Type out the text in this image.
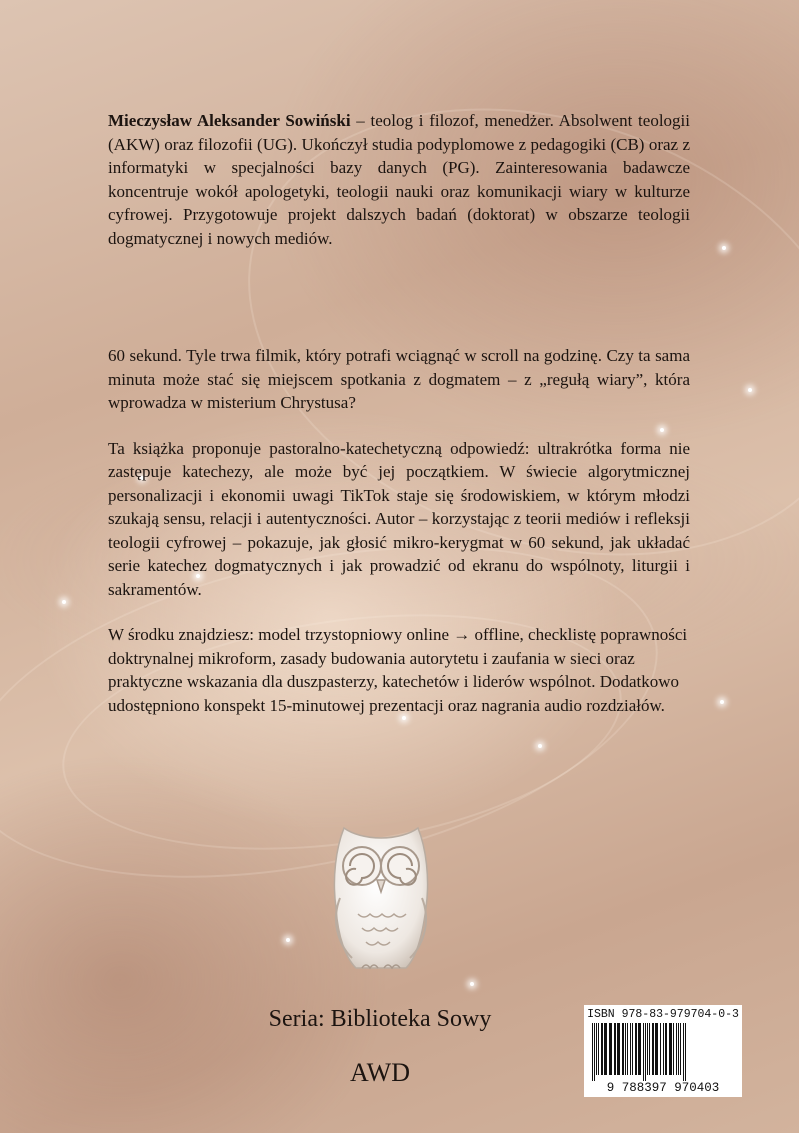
Mieczysław Aleksander Sowiński – teolog i filozof, menedżer. Absolwent teologii (AKW) oraz filozofii (UG). Ukończył studia podyplomowe z pedagogiki (CB) oraz z informatyki w specjalności bazy danych (PG). Zainteresowania badawcze koncentruje wokół apologetyki, teologii nauki oraz komunikacji wiary w kulturze cyfrowej. Przygotowuje projekt dalszych badań (doktorat) w obszarze teologii dogmatycznej i nowych mediów.

60 sekund. Tyle trwa filmik, który potrafi wciągnąć w scroll na godzinę. Czy ta sama minuta może stać się miejscem spotkania z dogmatem – z „regułą wiary”, która wprowadza w misterium Chrystusa?

Ta książka proponuje pastoralno-katechetyczną odpowiedź: ultrakrótka forma nie zastępuje katechezy, ale może być jej początkiem. W świecie algorytmicznej personalizacji i ekonomii uwagi TikTok staje się środowiskiem, w którym młodzi szukają sensu, relacji i autentyczności. Autor – korzystając z teorii mediów i refleksji teologii cyfrowej – pokazuje, jak głosić mikro-kerygmat w 60 sekund, jak układać serie katechez dogmatycznych i jak prowadzić od ekranu do wspólnoty, liturgii i sakramentów.

W środku znajdziesz: model trzystopniowy online → offline, checklistę poprawności doktrynalnej mikroform, zasady budowania autorytetu i zaufania w sieci oraz praktyczne wskazania dla duszpasterzy, katechetów i liderów wspólnot. Dodatkowo udostępniono konspekt 15-minutowej prezentacji oraz nagrania audio rozdziałów.

Seria: Biblioteka Sowy
AWD
ISBN 978-83-979704-0-3
9 788397 970403
